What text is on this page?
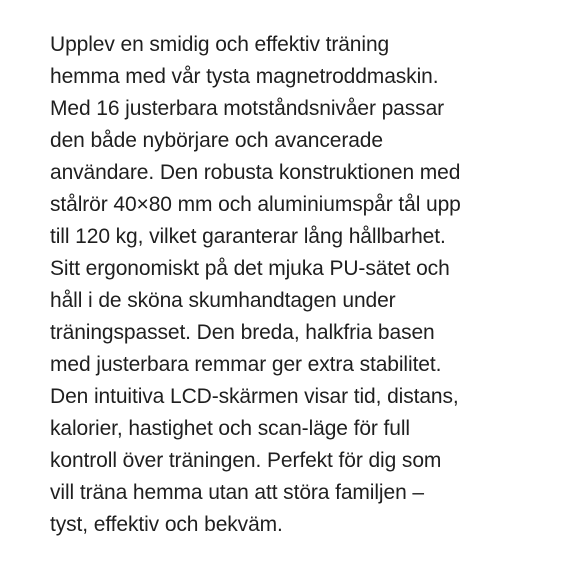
Upplev en smidig och effektiv träning
hemma med vår tysta magnetroddmaskin.
Med 16 justerbara motståndsnivåer passar
den både nybörjare och avancerade
användare. Den robusta konstruktionen med
stålrör 40×80 mm och aluminiumspår tål upp
till 120 kg, vilket garanterar lång hållbarhet.
Sitt ergonomiskt på det mjuka PU-sätet och
håll i de sköna skumhandtagen under
träningspasset. Den breda, halkfria basen
med justerbara remmar ger extra stabilitet.
Den intuitiva LCD-skärmen visar tid, distans,
kalorier, hastighet och scan-läge för full
kontroll över träningen. Perfekt för dig som
vill träna hemma utan att störa familjen –
tyst, effektiv och bekväm.
